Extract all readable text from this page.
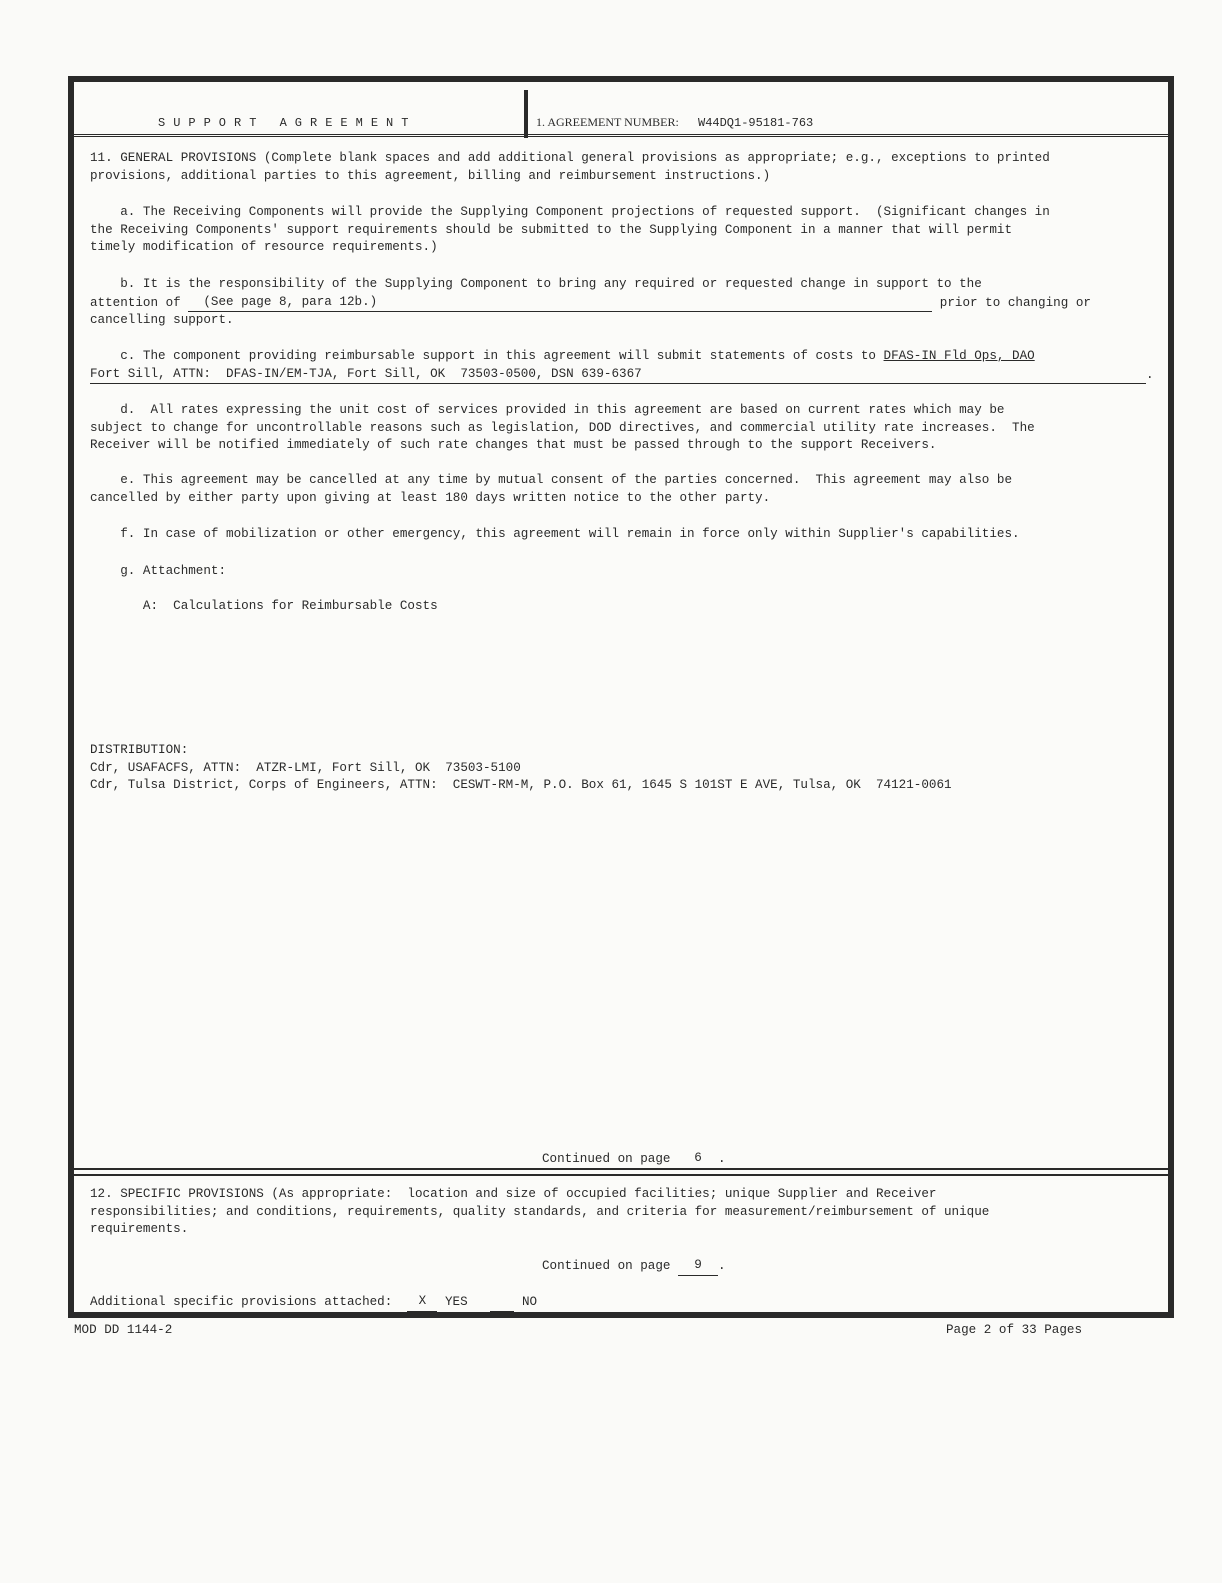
SUPPORT AGREEMENT	1. AGREEMENT NUMBER: W44DQ1-95181-763
11. GENERAL PROVISIONS (Complete blank spaces and add additional general provisions as appropriate; e.g., exceptions to printed
provisions, additional parties to this agreement, billing and reimbursement instructions.)
a. The Receiving Components will provide the Supplying Component projections of requested support.  (Significant changes in
the Receiving Components' support requirements should be submitted to the Supplying Component in a manner that will permit
timely modification of resource requirements.)
b. It is the responsibility of the Supplying Component to bring any required or requested change in support to the
attention of   (See page 8, para 12b.)	prior to changing or
cancelling support.
c. The component providing reimbursable support in this agreement will submit statements of costs to DFAS-IN Fld Ops, DAO
Fort Sill, ATTN:  DFAS-IN/EM-TJA, Fort Sill, OK  73503-0500, DSN 639-6367	.
d.  All rates expressing the unit cost of services provided in this agreement are based on current rates which may be
subject to change for uncontrollable reasons such as legislation, DOD directives, and commercial utility rate increases.  The
Receiver will be notified immediately of such rate changes that must be passed through to the support Receivers.
e. This agreement may be cancelled at any time by mutual consent of the parties concerned.  This agreement may also be
cancelled by either party upon giving at least 180 days written notice to the other party.
f. In case of mobilization or other emergency, this agreement will remain in force only within Supplier's capabilities.
g. Attachment:
A:  Calculations for Reimbursable Costs
DISTRIBUTION:
Cdr, USAFACFS, ATTN:  ATZR-LMI, Fort Sill, OK  73503-5100
Cdr, Tulsa District, Corps of Engineers, ATTN:  CESWT-RM-M, P.O. Box 61, 1645 S 101ST E AVE, Tulsa, OK  74121-0061
Continued on page 6 .
12. SPECIFIC PROVISIONS (As appropriate:  location and size of occupied facilities; unique Supplier and Receiver
responsibilities; and conditions, requirements, quality standards, and criteria for measurement/reimbursement of unique
requirements.
Continued on page 9 .
Additional specific provisions attached: X YES	NO
MOD DD 1144-2	Page 2 of 33 Pages
